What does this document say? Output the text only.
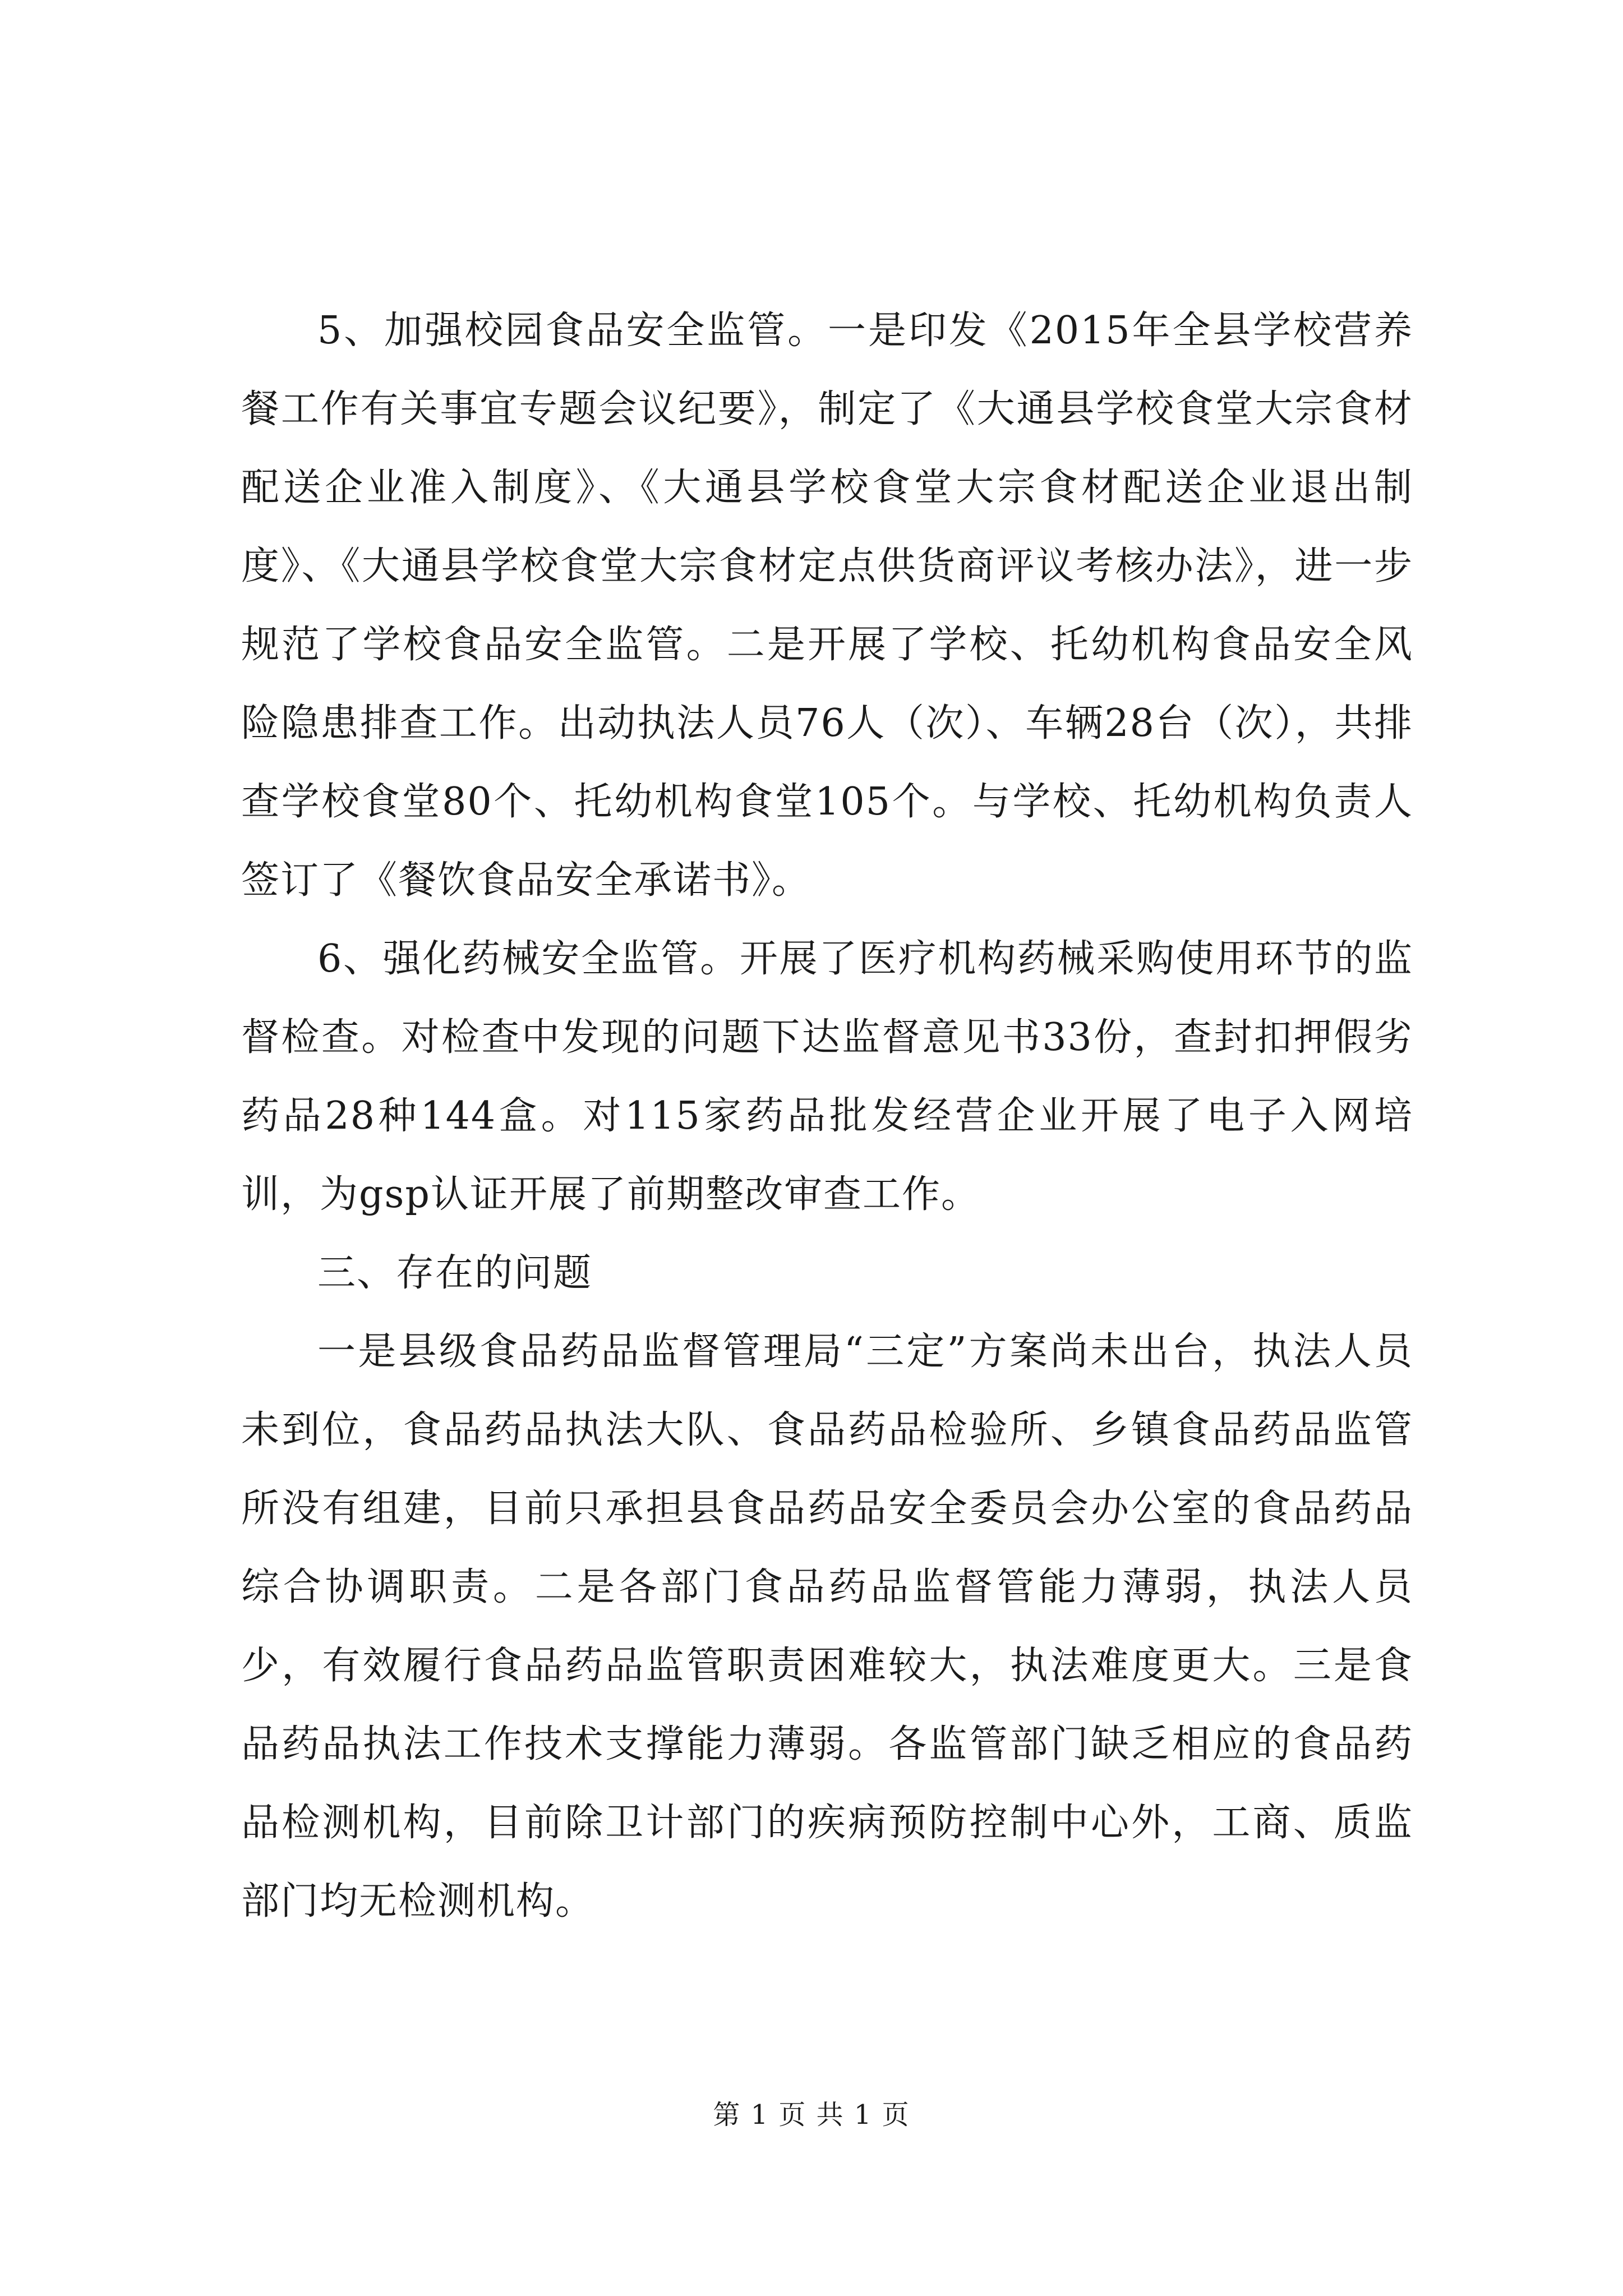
5、加强校园食品安全监管。一是印发《2015年全县学校营养餐工作有关事宜专题会议纪要》，制定了《大通县学校食堂大宗食材配送企业准入制度》、《大通县学校食堂大宗食材配送企业退出制度》、《大通县学校食堂大宗食材定点供货商评议考核办法》，进一步规范了学校食品安全监管。二是开展了学校、托幼机构食品安全风险隐患排查工作。出动执法人员76人（次）、车辆28台（次），共排查学校食堂80个、托幼机构食堂105个。与学校、托幼机构负责人签订了《餐饮食品安全承诺书》。

6、强化药械安全监管。开展了医疗机构药械采购使用环节的监督检查。对检查中发现的问题下达监督意见书33份，查封扣押假劣药品28种144盒。对115家药品批发经营企业开展了电子入网培训，为gsp认证开展了前期整改审查工作。

三、存在的问题

一是县级食品药品监督管理局“三定”方案尚未出台，执法人员未到位，食品药品执法大队、食品药品检验所、乡镇食品药品监管所没有组建，目前只承担县食品药品安全委员会办公室的食品药品综合协调职责。二是各部门食品药品监督管能力薄弱，执法人员少，有效履行食品药品监管职责困难较大，执法难度更大。三是食品药品执法工作技术支撑能力薄弱。各监管部门缺乏相应的食品药品检测机构，目前除卫计部门的疾病预防控制中心外，工商、质监部门均无检测机构。

第 1 页 共 1 页
